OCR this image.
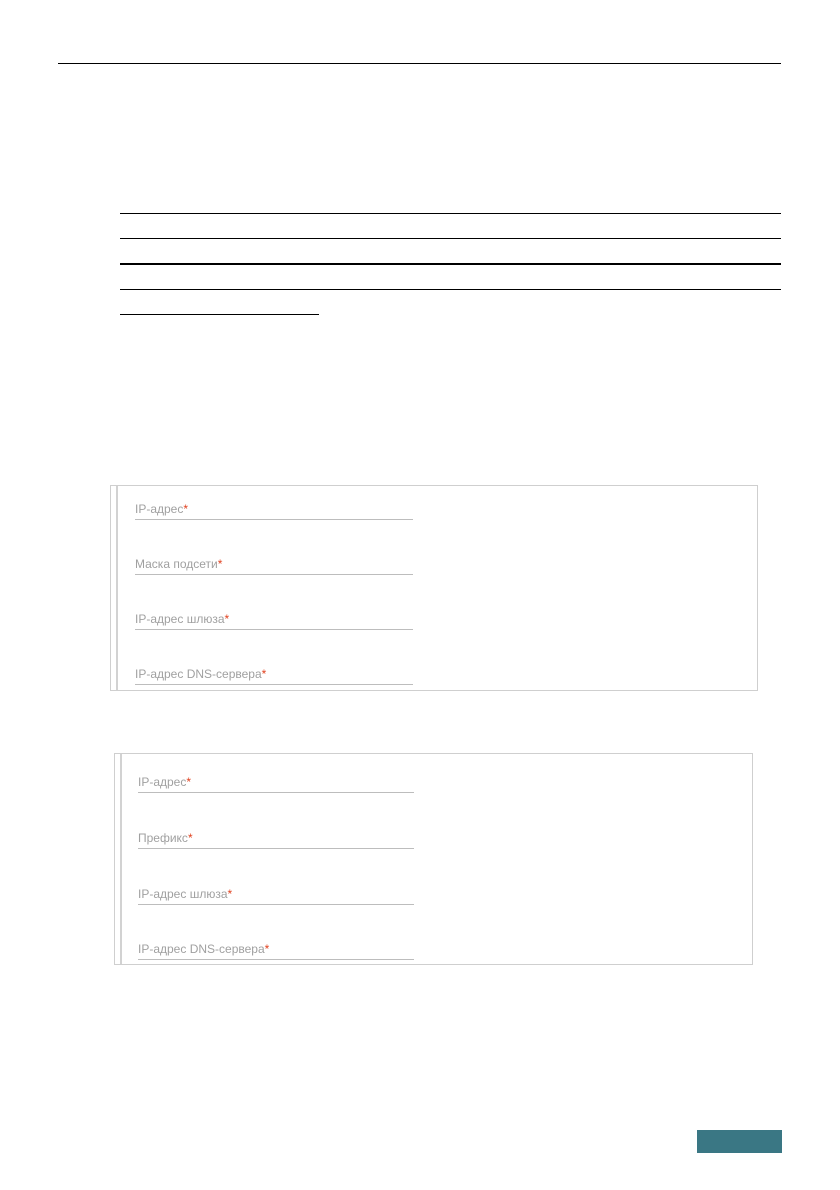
IP-адрес*
Маска подсети*
IP-адрес шлюза*
IP-адрес DNS-сервера*
IP-адрес*
Префикс*
IP-адрес шлюза*
IP-адрес DNS-сервера*
